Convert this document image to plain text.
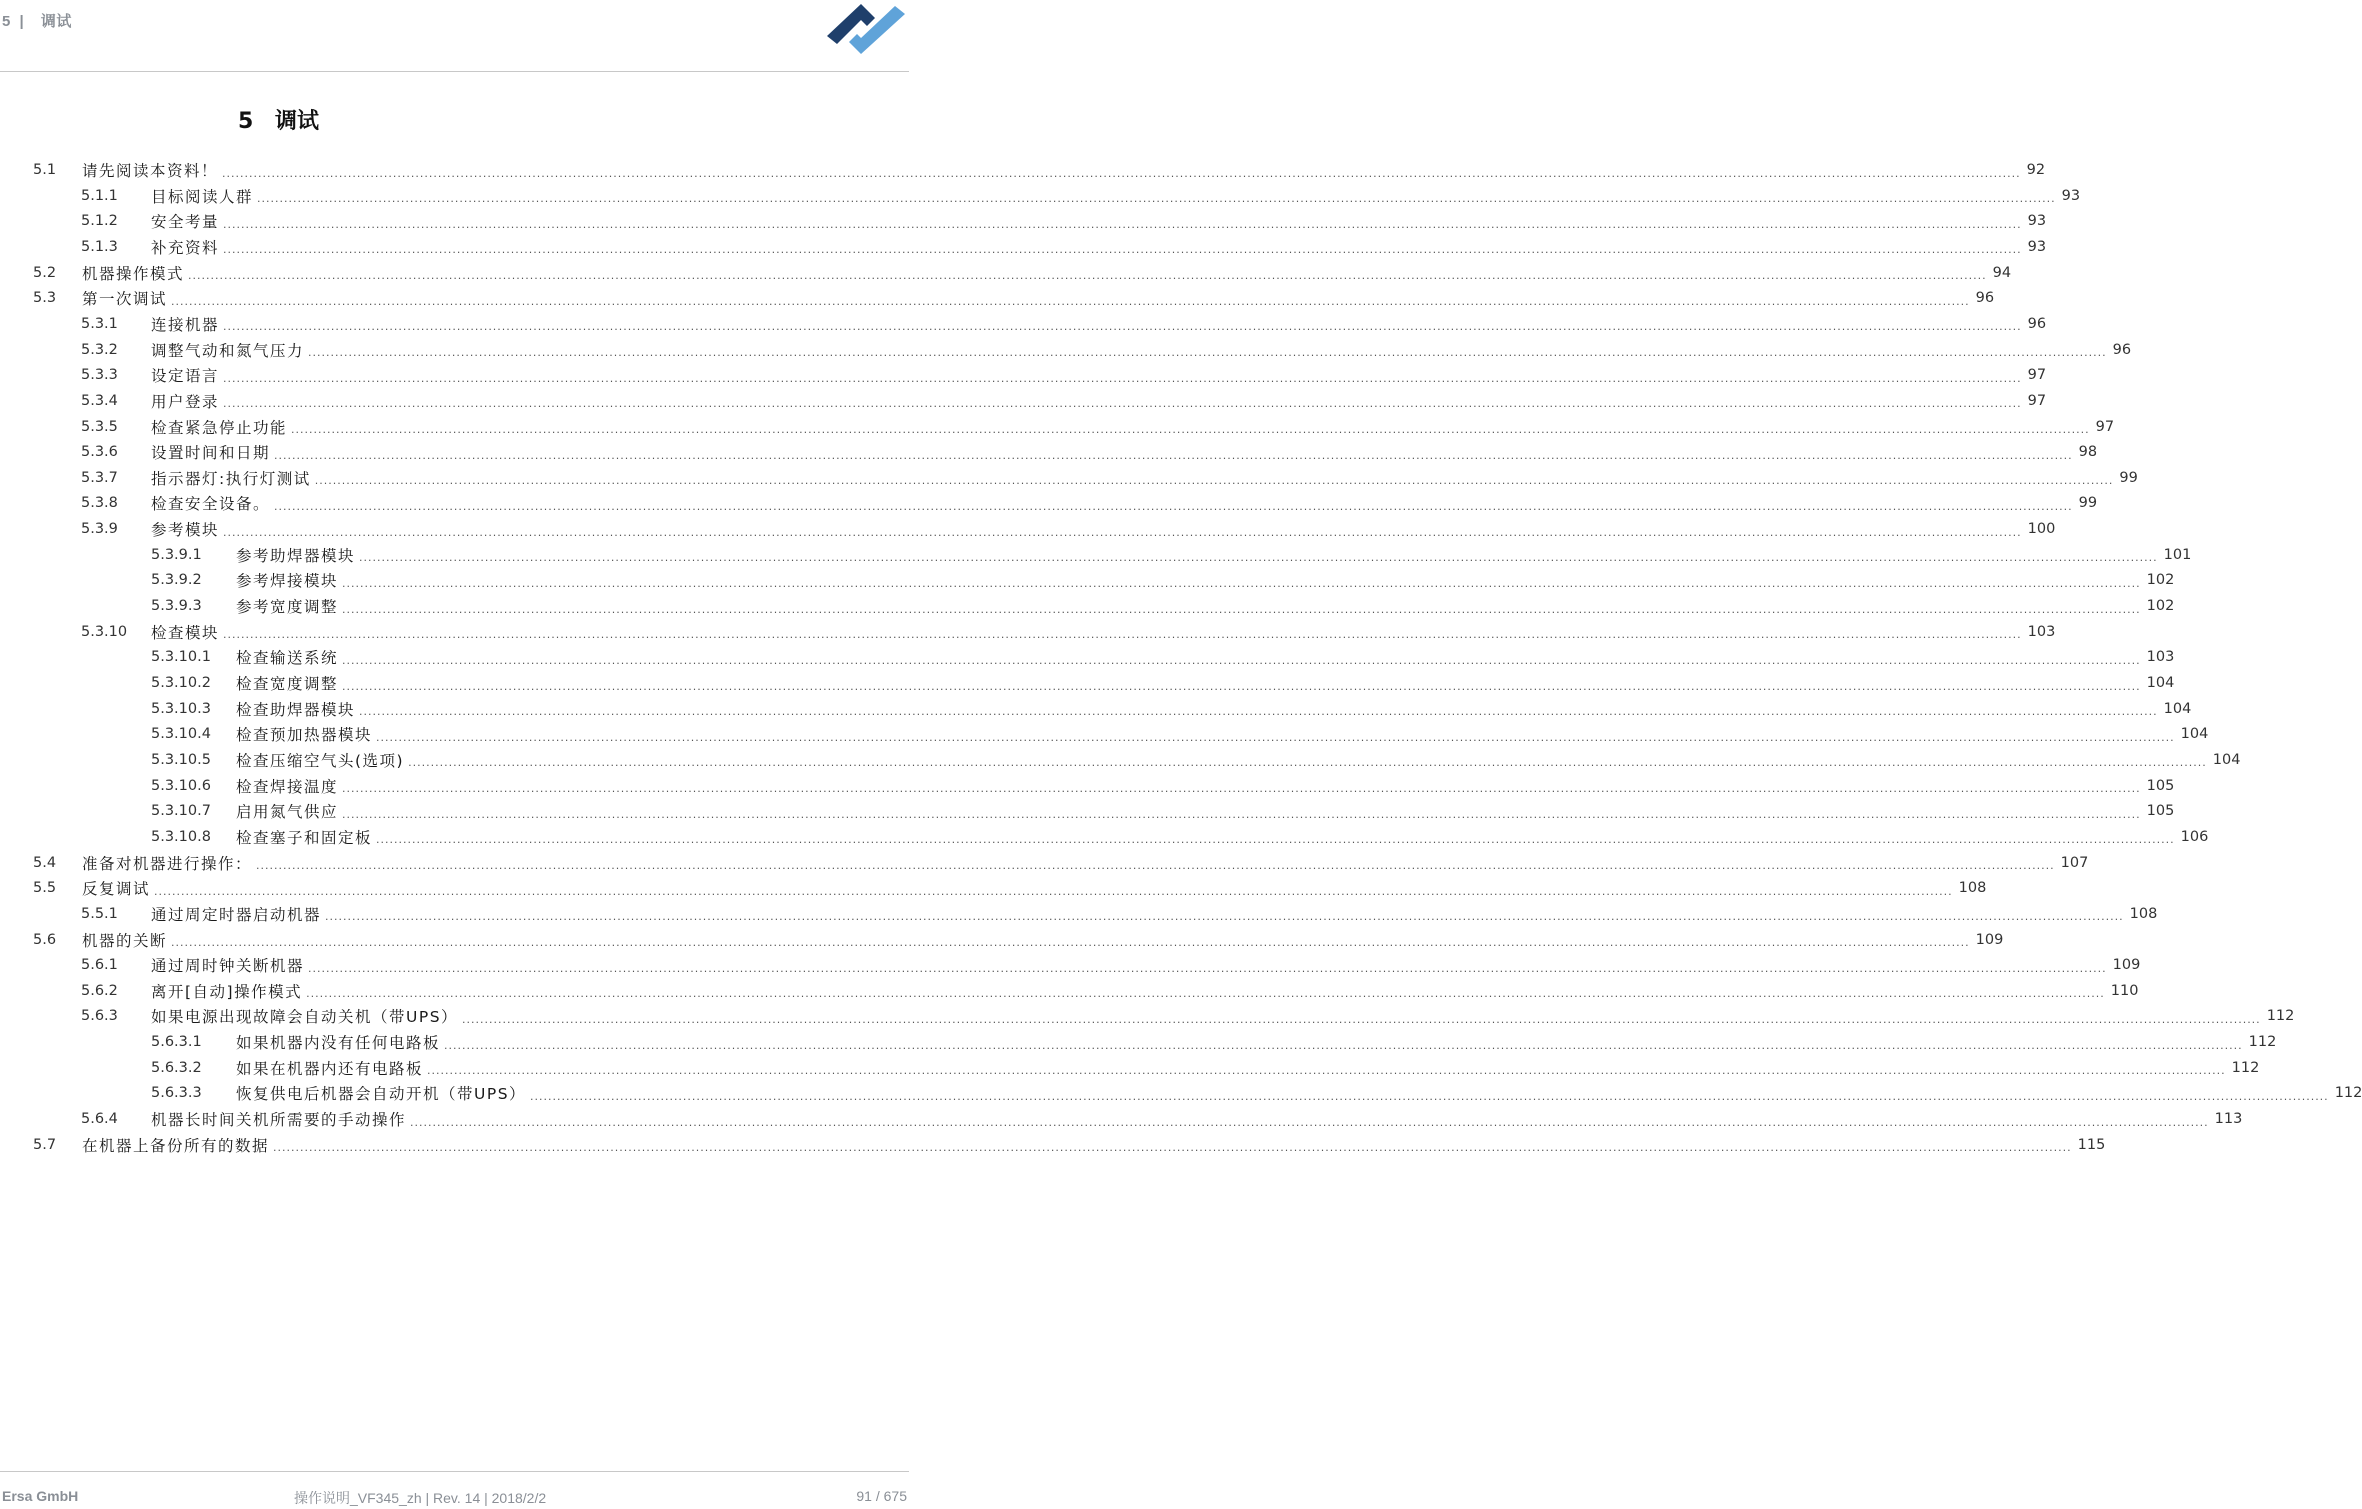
5 | 调试
5 调试
5.1	请先阅读本资料！ ................................................................................................................................................................................................................................................................................................................................................................................................................ 92
5.1.1	目标阅读人群 ................................................................................................................................................................................................................................................................................................................................................................................................................ 93
5.1.2	安全考量 ................................................................................................................................................................................................................................................................................................................................................................................................................ 93
5.1.3	补充资料 ................................................................................................................................................................................................................................................................................................................................................................................................................ 93
5.2	机器操作模式 ................................................................................................................................................................................................................................................................................................................................................................................................................ 94
5.3	第一次调试 ................................................................................................................................................................................................................................................................................................................................................................................................................ 96
5.3.1	连接机器 ................................................................................................................................................................................................................................................................................................................................................................................................................ 96
5.3.2	调整气动和氮气压力 ................................................................................................................................................................................................................................................................................................................................................................................................................ 96
5.3.3	设定语言 ................................................................................................................................................................................................................................................................................................................................................................................................................ 97
5.3.4	用户登录 ................................................................................................................................................................................................................................................................................................................................................................................................................ 97
5.3.5	检查紧急停止功能 ................................................................................................................................................................................................................................................................................................................................................................................................................ 97
5.3.6	设置时间和日期 ................................................................................................................................................................................................................................................................................................................................................................................................................ 98
5.3.7	指示器灯:执行灯测试 ................................................................................................................................................................................................................................................................................................................................................................................................................ 99
5.3.8	检查安全设备。 ................................................................................................................................................................................................................................................................................................................................................................................................................ 99
5.3.9	参考模块 ................................................................................................................................................................................................................................................................................................................................................................................................................ 100
5.3.9.1	参考助焊器模块 ................................................................................................................................................................................................................................................................................................................................................................................................................ 101
5.3.9.2	参考焊接模块 ................................................................................................................................................................................................................................................................................................................................................................................................................ 102
5.3.9.3	参考宽度调整 ................................................................................................................................................................................................................................................................................................................................................................................................................ 102
5.3.10	检查模块 ................................................................................................................................................................................................................................................................................................................................................................................................................ 103
5.3.10.1	检查输送系统 ................................................................................................................................................................................................................................................................................................................................................................................................................ 103
5.3.10.2	检查宽度调整 ................................................................................................................................................................................................................................................................................................................................................................................................................ 104
5.3.10.3	检查助焊器模块 ................................................................................................................................................................................................................................................................................................................................................................................................................ 104
5.3.10.4	检查预加热器模块 ................................................................................................................................................................................................................................................................................................................................................................................................................ 104
5.3.10.5	检查压缩空气头(选项) ................................................................................................................................................................................................................................................................................................................................................................................................................ 104
5.3.10.6	检查焊接温度 ................................................................................................................................................................................................................................................................................................................................................................................................................ 105
5.3.10.7	启用氮气供应 ................................................................................................................................................................................................................................................................................................................................................................................................................ 105
5.3.10.8	检查塞子和固定板 ................................................................................................................................................................................................................................................................................................................................................................................................................ 106
5.4	准备对机器进行操作： ................................................................................................................................................................................................................................................................................................................................................................................................................ 107
5.5	反复调试 ................................................................................................................................................................................................................................................................................................................................................................................................................ 108
5.5.1	通过周定时器启动机器 ................................................................................................................................................................................................................................................................................................................................................................................................................ 108
5.6	机器的关断 ................................................................................................................................................................................................................................................................................................................................................................................................................ 109
5.6.1	通过周时钟关断机器 ................................................................................................................................................................................................................................................................................................................................................................................................................ 109
5.6.2	离开[自动]操作模式 ................................................................................................................................................................................................................................................................................................................................................................................................................ 110
5.6.3	如果电源出现故障会自动关机（带UPS） ................................................................................................................................................................................................................................................................................................................................................................................................................ 112
5.6.3.1	如果机器内没有任何电路板 ................................................................................................................................................................................................................................................................................................................................................................................................................ 112
5.6.3.2	如果在机器内还有电路板 ................................................................................................................................................................................................................................................................................................................................................................................................................ 112
5.6.3.3	恢复供电后机器会自动开机（带UPS） ................................................................................................................................................................................................................................................................................................................................................................................................................ 112
5.6.4	机器长时间关机所需要的手动操作 ................................................................................................................................................................................................................................................................................................................................................................................................................ 113
5.7	在机器上备份所有的数据 ................................................................................................................................................................................................................................................................................................................................................................................................................ 115
Ersa GmbH	操作说明_VF345_zh | Rev. 14 | 2018/2/2	91 / 675
